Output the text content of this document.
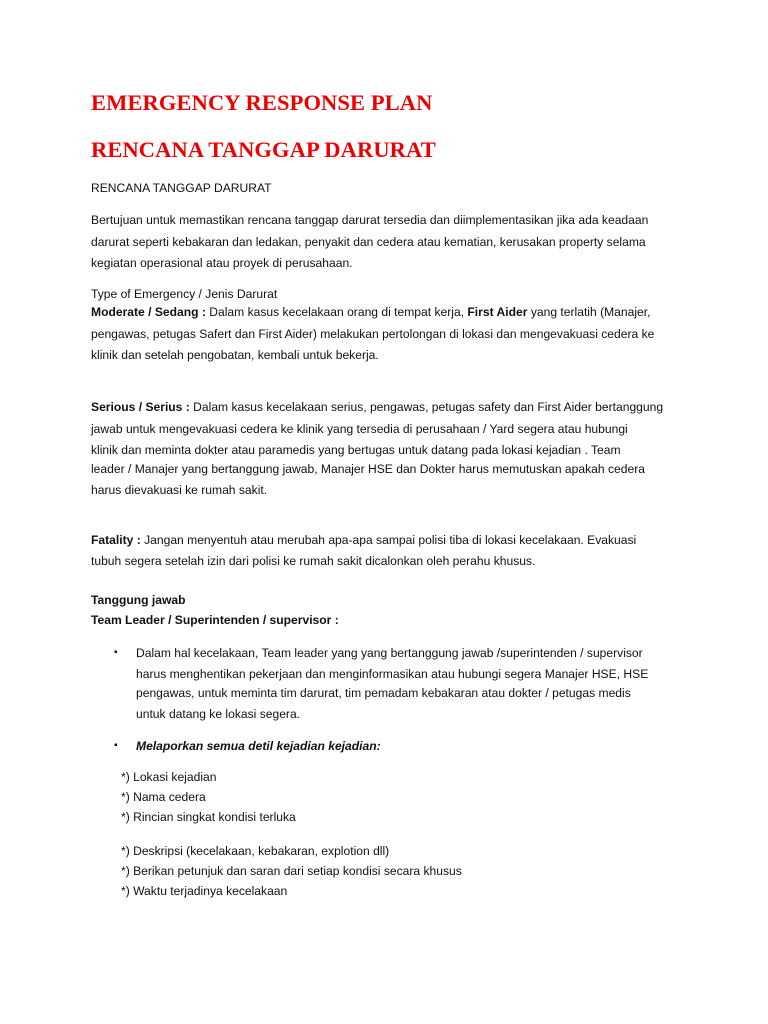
EMERGENCY RESPONSE PLAN
RENCANA TANGGAP DARURAT

RENCANA TANGGAP DARURAT

Bertujuan untuk memastikan rencana tanggap darurat tersedia dan diimplementasikan jika ada keadaan

darurat seperti kebakaran dan ledakan, penyakit dan cedera atau kematian, kerusakan property selama

kegiatan operasional atau proyek di perusahaan.

Type of Emergency / Jenis Darurat

Moderate / Sedang : Dalam kasus kecelakaan orang di tempat kerja, First Aider yang terlatih (Manajer,

pengawas, petugas Safert dan First Aider) melakukan pertolongan di lokasi dan mengevakuasi cedera ke

klinik dan setelah pengobatan, kembali untuk bekerja.

Serious / Serius : Dalam kasus kecelakaan serius, pengawas, petugas safety dan First Aider bertanggung

jawab untuk mengevakuasi cedera ke klinik yang tersedia di perusahaan / Yard segera atau hubungi

klinik dan meminta dokter atau paramedis yang bertugas untuk datang pada lokasi kejadian . Team

leader / Manajer yang bertanggung jawab, Manajer HSE dan Dokter harus memutuskan apakah cedera

harus dievakuasi ke rumah sakit.

Fatality : Jangan menyentuh atau merubah apa-apa sampai polisi tiba di lokasi kecelakaan. Evakuasi

tubuh segera setelah izin dari polisi ke rumah sakit dicalonkan oleh perahu khusus.

Tanggung jawab

Team Leader / Superintenden / supervisor :

▪	Dalam hal kecelakaan, Team leader yang yang bertanggung jawab /superintenden / supervisor

harus menghentikan pekerjaan dan menginformasikan atau hubungi segera Manajer HSE, HSE

pengawas, untuk meminta tim darurat, tim pemadam kebakaran atau dokter / petugas medis

untuk datang ke lokasi segera.

▪	Melaporkan semua detil kejadian kejadian:

*) Lokasi kejadian

*) Nama cedera

*) Rincian singkat kondisi terluka

*) Deskripsi (kecelakaan, kebakaran, explotion dll)

*) Berikan petunjuk dan saran dari setiap kondisi secara khusus

*) Waktu terjadinya kecelakaan
